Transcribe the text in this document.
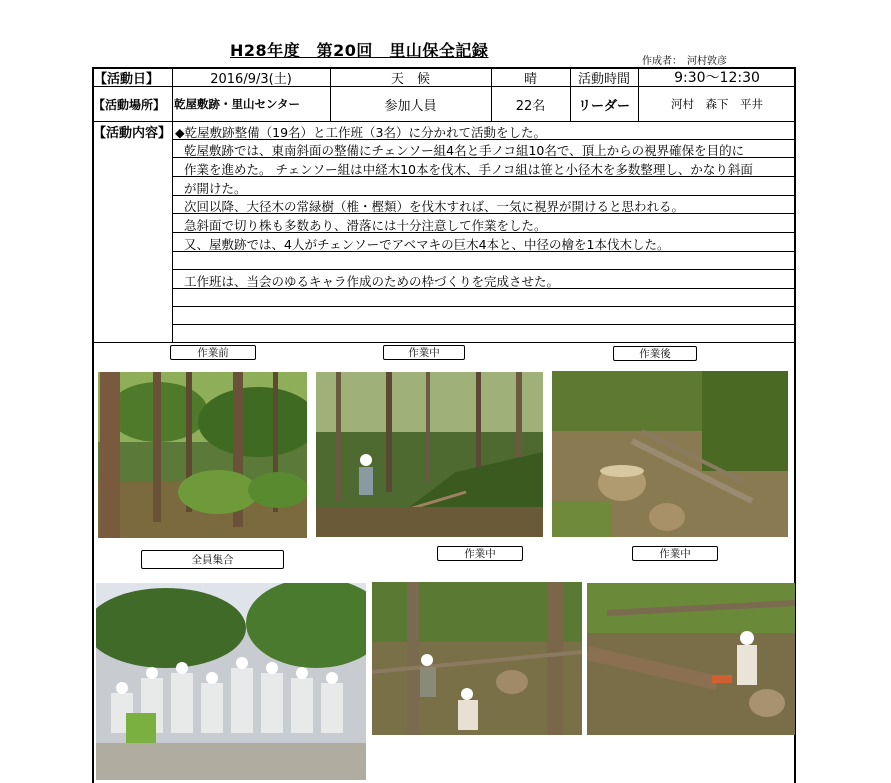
H28年度　第20回　里山保全記録
作成者：　河村敦彦
【活動日】	2016/9/3(土)	天　候	晴	活動時間	9:30～12:30
【活動場所】 乾屋敷跡・里山センター	参加人員	22名	リーダー	河村　森下　平井
【活動内容】 ◆乾屋敷跡整備（19名）と工作班（3名）に分かれて活動をした。
乾屋敷跡では、東南斜面の整備にチェンソー組4名と手ノコ組10名で、頂上からの視界確保を目的に
作業を進めた。 チェンソー組は中経木10本を伐木、手ノコ組は笹と小径木を多数整理し、かなり斜面
が開けた。
次回以降、大径木の常緑樹（椎・樫類）を伐木すれば、一気に視界が開けると思われる。
急斜面で切り株も多数あり、滑落には十分注意して作業をした。
又、屋敷跡では、4人がチェンソーでアベマキの巨木4本と、中径の檜を1本伐木した。
工作班は、当会のゆるキャラ作成のための枠づくりを完成させた。
作業前	作業中	作業後
全員集合	作業中	作業中
